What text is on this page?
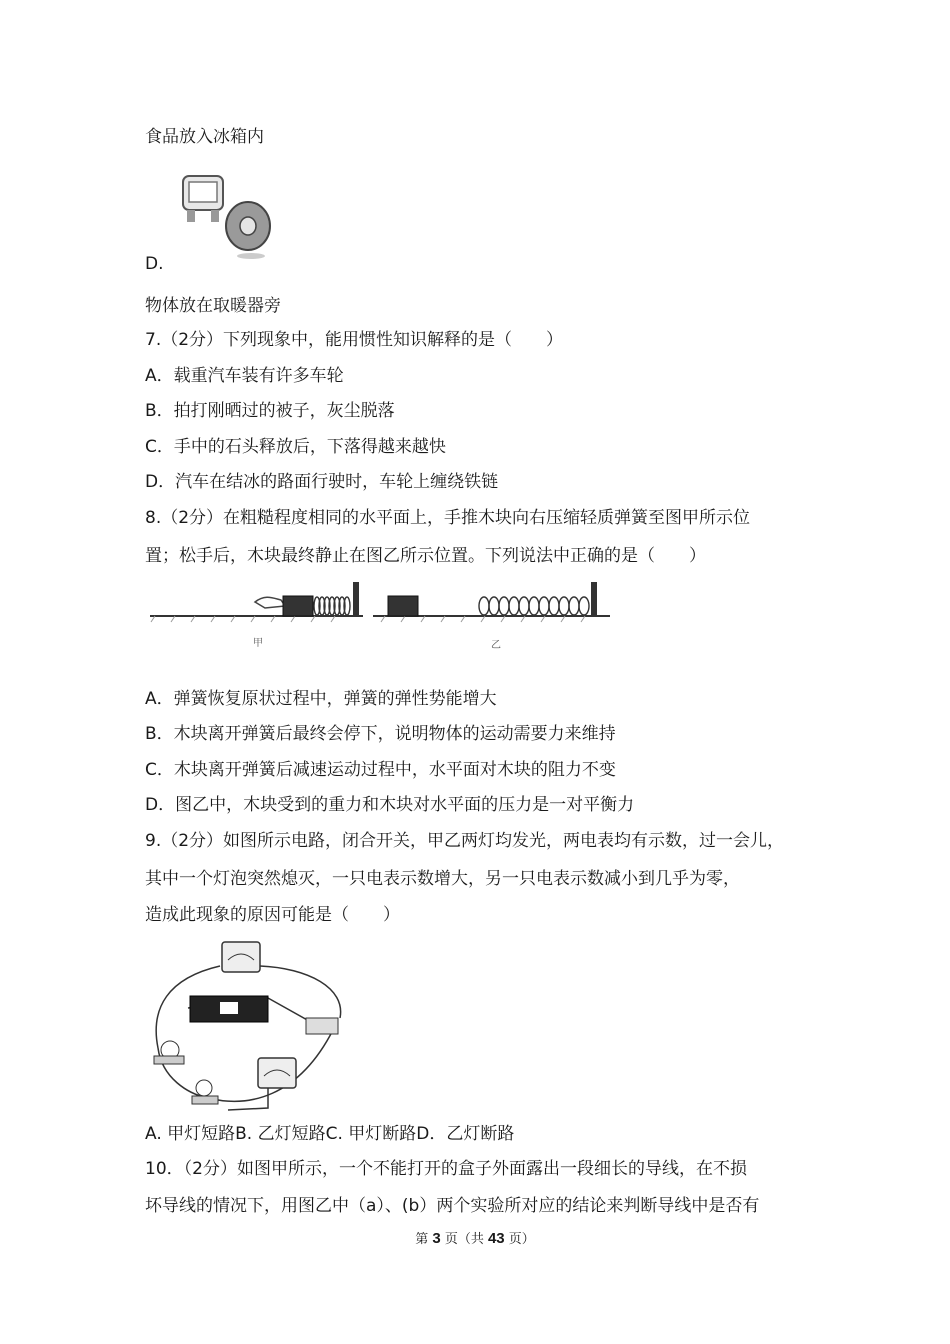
食品放入冰箱内
D.
物体放在取暖器旁
7.（2分）下列现象中，能用惯性知识解释的是（　　）
A．载重汽车装有许多车轮
B．拍打刚晒过的被子，灰尘脱落
C．手中的石头释放后，下落得越来越快
D．汽车在结冰的路面行驶时，车轮上缠绕铁链
8.（2分）在粗糙程度相同的水平面上，手推木块向右压缩轻质弹簧至图甲所示位
置；松手后，木块最终静止在图乙所示位置。下列说法中正确的是（　　）
甲	乙
A．弹簧恢复原状过程中，弹簧的弹性势能增大
B．木块离开弹簧后最终会停下，说明物体的运动需要力来维持
C．木块离开弹簧后减速运动过程中，水平面对木块的阻力不变
D．图乙中，木块受到的重力和木块对水平面的压力是一对平衡力
9.（2分）如图所示电路，闭合开关，甲乙两灯均发光，两电表均有示数，过一会儿，
其中一个灯泡突然熄灭，一只电表示数增大，另一只电表示数减小到几乎为零，
造成此现象的原因可能是（　　）
A. 甲灯短路B. 乙灯短路C. 甲灯断路D．乙灯断路
10．（2分）如图甲所示，一个不能打开的盒子外面露出一段细长的导线，在不损
坏导线的情况下，用图乙中（a）、(b）两个实验所对应的结论来判断导线中是否有
第 3 页（共 43 页）
